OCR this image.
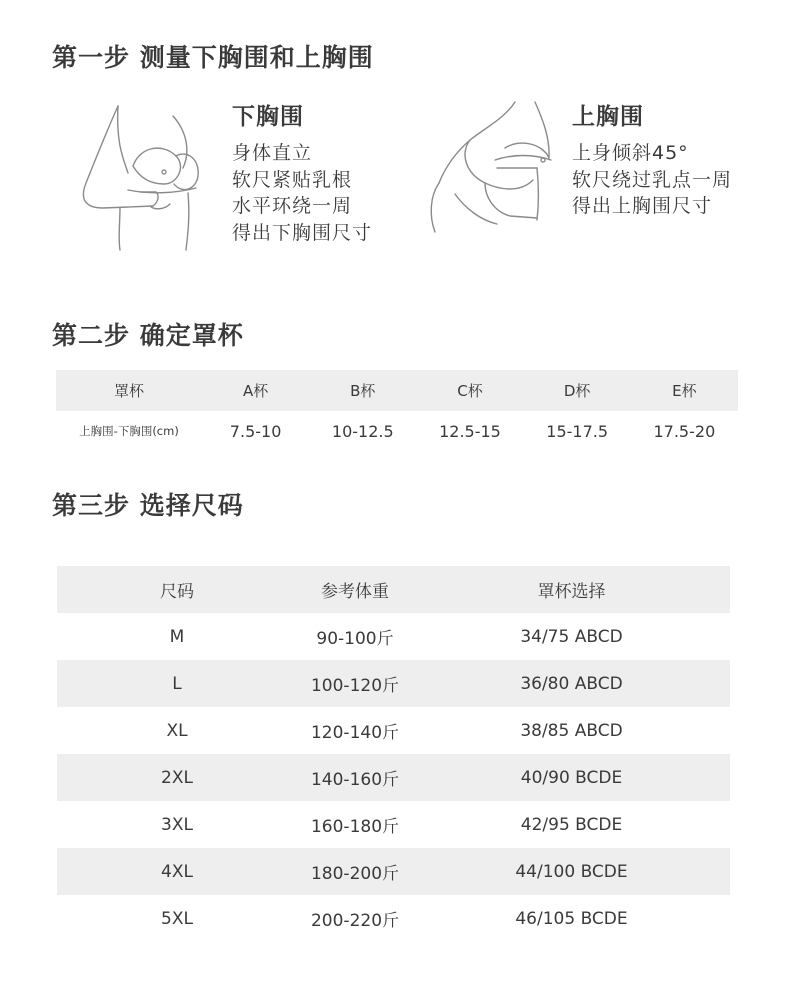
第一步 测量下胸围和上胸围
下胸围
身体直立
软尺紧贴乳根
水平环绕一周
得出下胸围尺寸
上胸围
上身倾斜45°
软尺绕过乳点一周
得出上胸围尺寸
第二步 确定罩杯
罩杯	A杯	B杯	C杯	D杯	E杯
上胸围-下胸围(cm)	7.5-10	10-12.5	12.5-15	15-17.5	17.5-20
第三步 选择尺码
尺码	参考体重	罩杯选择
M	90-100斤	34/75 ABCD
L	100-120斤	36/80 ABCD
XL	120-140斤	38/85 ABCD
2XL	140-160斤	40/90 BCDE
3XL	160-180斤	42/95 BCDE
4XL	180-200斤	44/100 BCDE
5XL	200-220斤	46/105 BCDE
